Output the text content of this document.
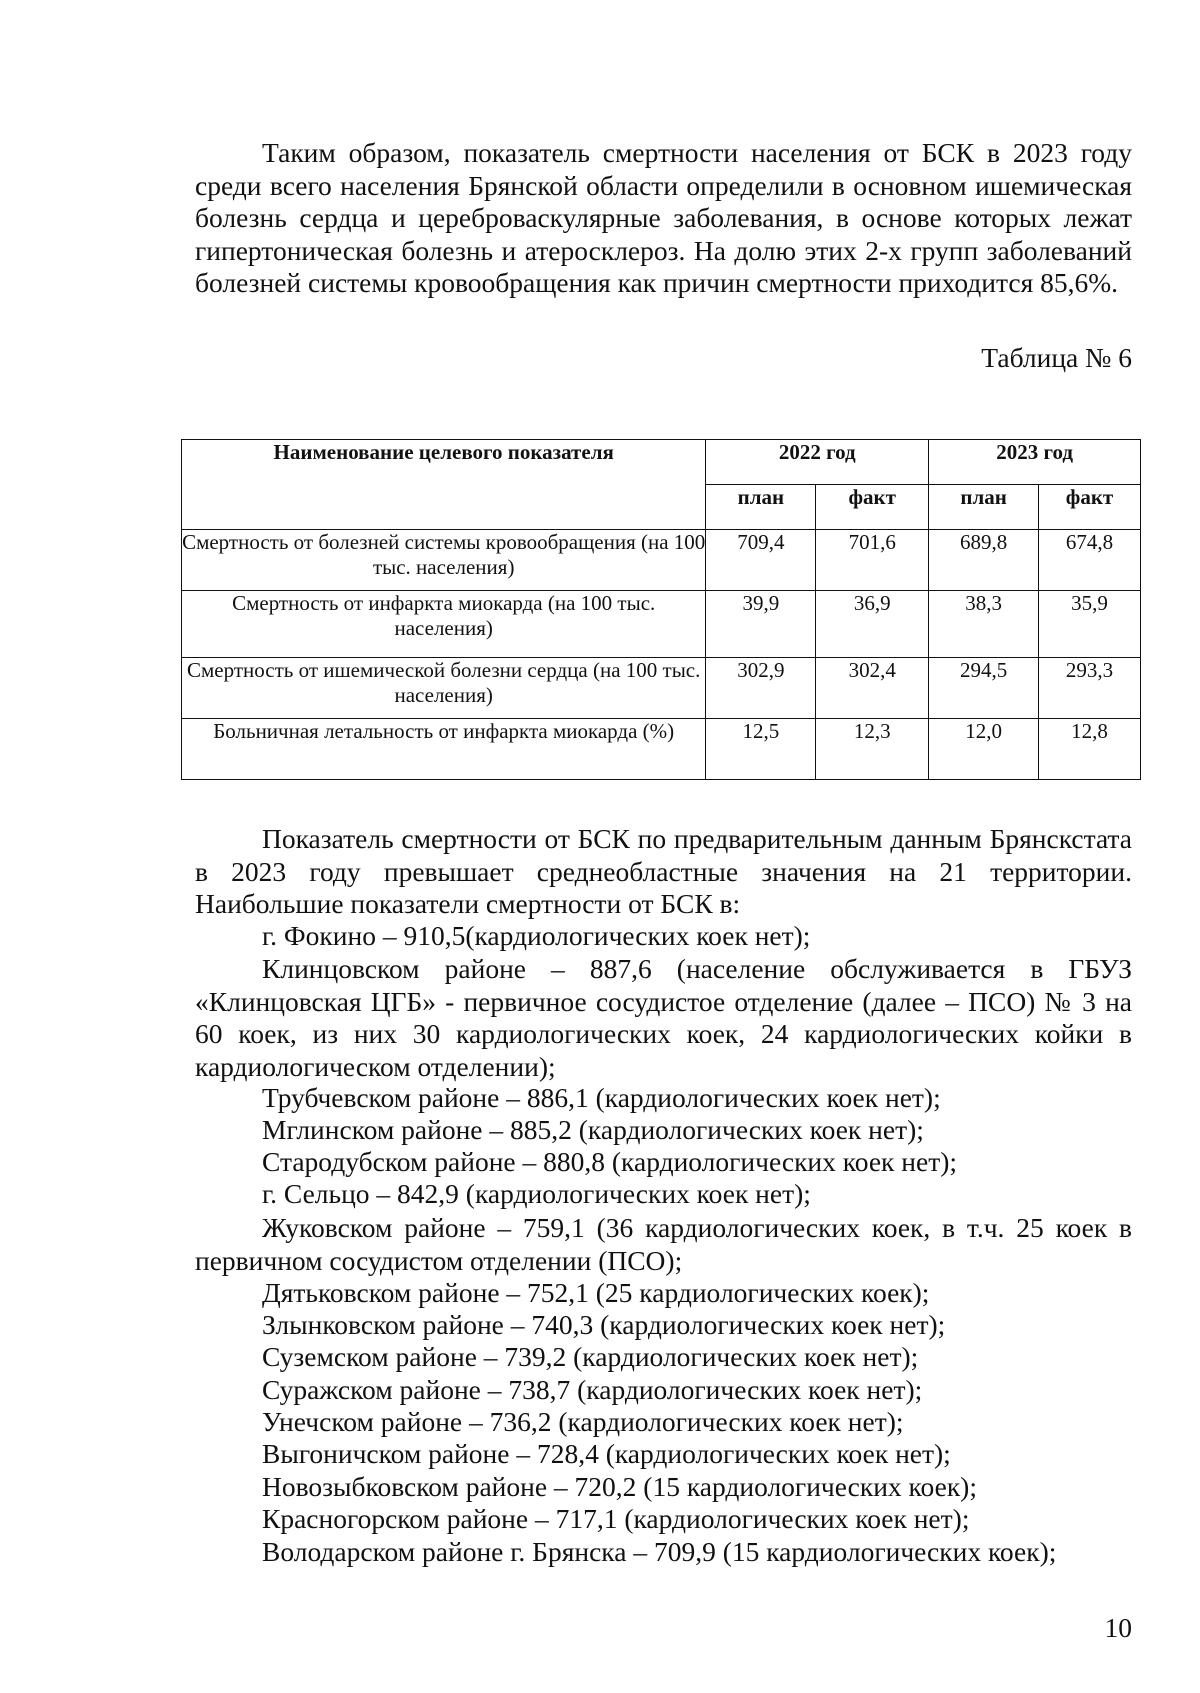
Таким образом, показатель смертности населения от БСК в 2023 году среди всего населения Брянской области определили в основном ишемическая болезнь сердца и цереброваскулярные заболевания, в основе которых лежат гипертоническая болезнь и атеросклероз. На долю этих 2-х групп заболеваний болезней системы кровообращения как причин смертности приходится 85,6%.

Таблица № 6
Наименование целевого показателя	2022 год		2023 год	
	план	факт	план	факт
Смертность от болезней системы кровообращения (на 100 тыс. населения)	709,4	701,6	689,8	674,8
Смертность от инфаркта миокарда (на 100 тыс. населения)	39,9	36,9	38,3	35,9
Смертность от ишемической болезни сердца (на 100 тыс. населения)	302,9	302,4	294,5	293,3
Больничная летальность от инфаркта миокарда (%)	12,5	12,3	12,0	12,8

Показатель смертности от БСК по предварительным данным Брянскстата в 2023 году превышает среднеобластные значения на 21 территории. Наибольшие показатели смертности от БСК в:

г. Фокино – 910,5(кардиологических коек нет);

Клинцовском районе – 887,6 (население обслуживается в ГБУЗ «Клинцовская ЦГБ» - первичное сосудистое отделение (далее – ПСО) № 3 на 60 коек, из них 30 кардиологических коек, 24 кардиологических койки в кардиологическом отделении);

Трубчевском районе – 886,1 (кардиологических коек нет);
Мглинском районе – 885,2 (кардиологических коек нет);
Стародубском районе – 880,8 (кардиологических коек нет);
г. Сельцо – 842,9 (кардиологических коек нет);

Жуковском районе – 759,1 (36 кардиологических коек, в т.ч. 25 коек в первичном сосудистом отделении (ПСО);

Дятьковском районе – 752,1 (25 кардиологических коек);
Злынковском районе – 740,3 (кардиологических коек нет);
Суземском районе – 739,2 (кардиологических коек нет);
Суражском районе – 738,7 (кардиологических коек нет);
Унечском районе – 736,2 (кардиологических коек нет);
Выгоничском районе – 728,4 (кардиологических коек нет);
Новозыбковском районе – 720,2 (15 кардиологических коек);
Красногорском районе – 717,1 (кардиологических коек нет);
Володарском районе г. Брянска – 709,9 (15 кардиологических коек);
10
